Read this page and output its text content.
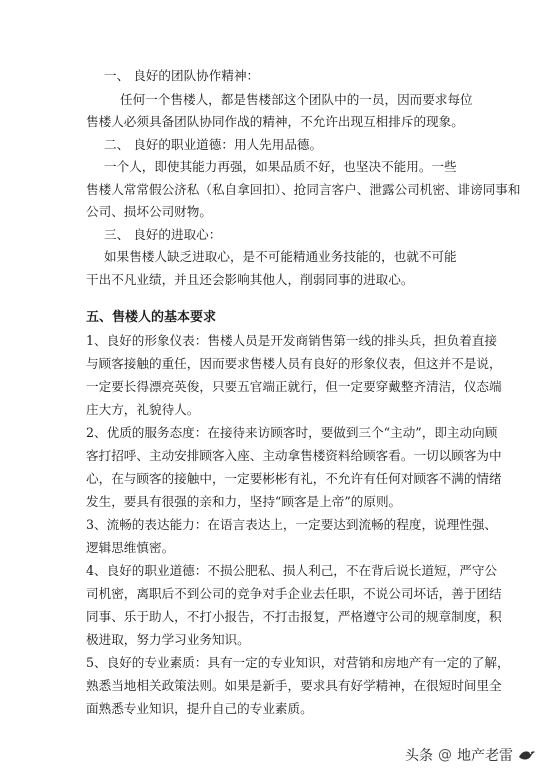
一、 良好的团队协作精神：
任何一个售楼人，都是售楼部这个团队中的一员，因而要求每位
售楼人必须具备团队协同作战的精神，不允许出现互相排斥的现象。
二、 良好的职业道德：用人先用品德。
一个人，即使其能力再强，如果品质不好，也坚决不能用。一些
售楼人常常假公济私（私自拿回扣）、抢同言客户、泄露公司机密、诽谤同事和
公司、损坏公司财物。
三、 良好的进取心：
如果售楼人缺乏进取心，是不可能精通业务技能的，也就不可能
干出不凡业绩，并且还会影响其他人，削弱同事的进取心。
五、售楼人的基本要求
1、良好的形象仪表：售楼人员是开发商销售第一线的排头兵，担负着直接
与顾客接触的重任，因而要求售楼人员有良好的形象仪表，但这并不是说，
一定要长得漂亮英俊，只要五官端正就行，但一定要穿戴整齐清洁，仪态端
庄大方，礼貌待人。
2、优质的服务态度：在接待来访顾客时，要做到三个“主动”，即主动向顾
客打招呼、主动安排顾客入座、主动拿售楼资料给顾客看。一切以顾客为中
心，在与顾客的接触中，一定要彬彬有礼，不允许有任何对顾客不满的情绪
发生，要具有很强的亲和力，坚持“顾客是上帝”的原则。
3、流畅的表达能力：在语言表达上，一定要达到流畅的程度，说理性强、
逻辑思维慎密。
4、良好的职业道德：不损公肥私、损人利己，不在背后说长道短，严守公
司机密，离职后不到公司的竞争对手企业去任职，不说公司坏话，善于团结
同事、乐于助人，不打小报告，不打击报复，严格遵守公司的规章制度，积
极进取，努力学习业务知识。
5、良好的专业素质：具有一定的专业知识，对营销和房地产有一定的了解，
熟悉当地相关政策法则。如果是新手，要求具有好学精神，在很短时间里全
面熟悉专业知识，提升自己的专业素质。
头条 @ 地产老雷
